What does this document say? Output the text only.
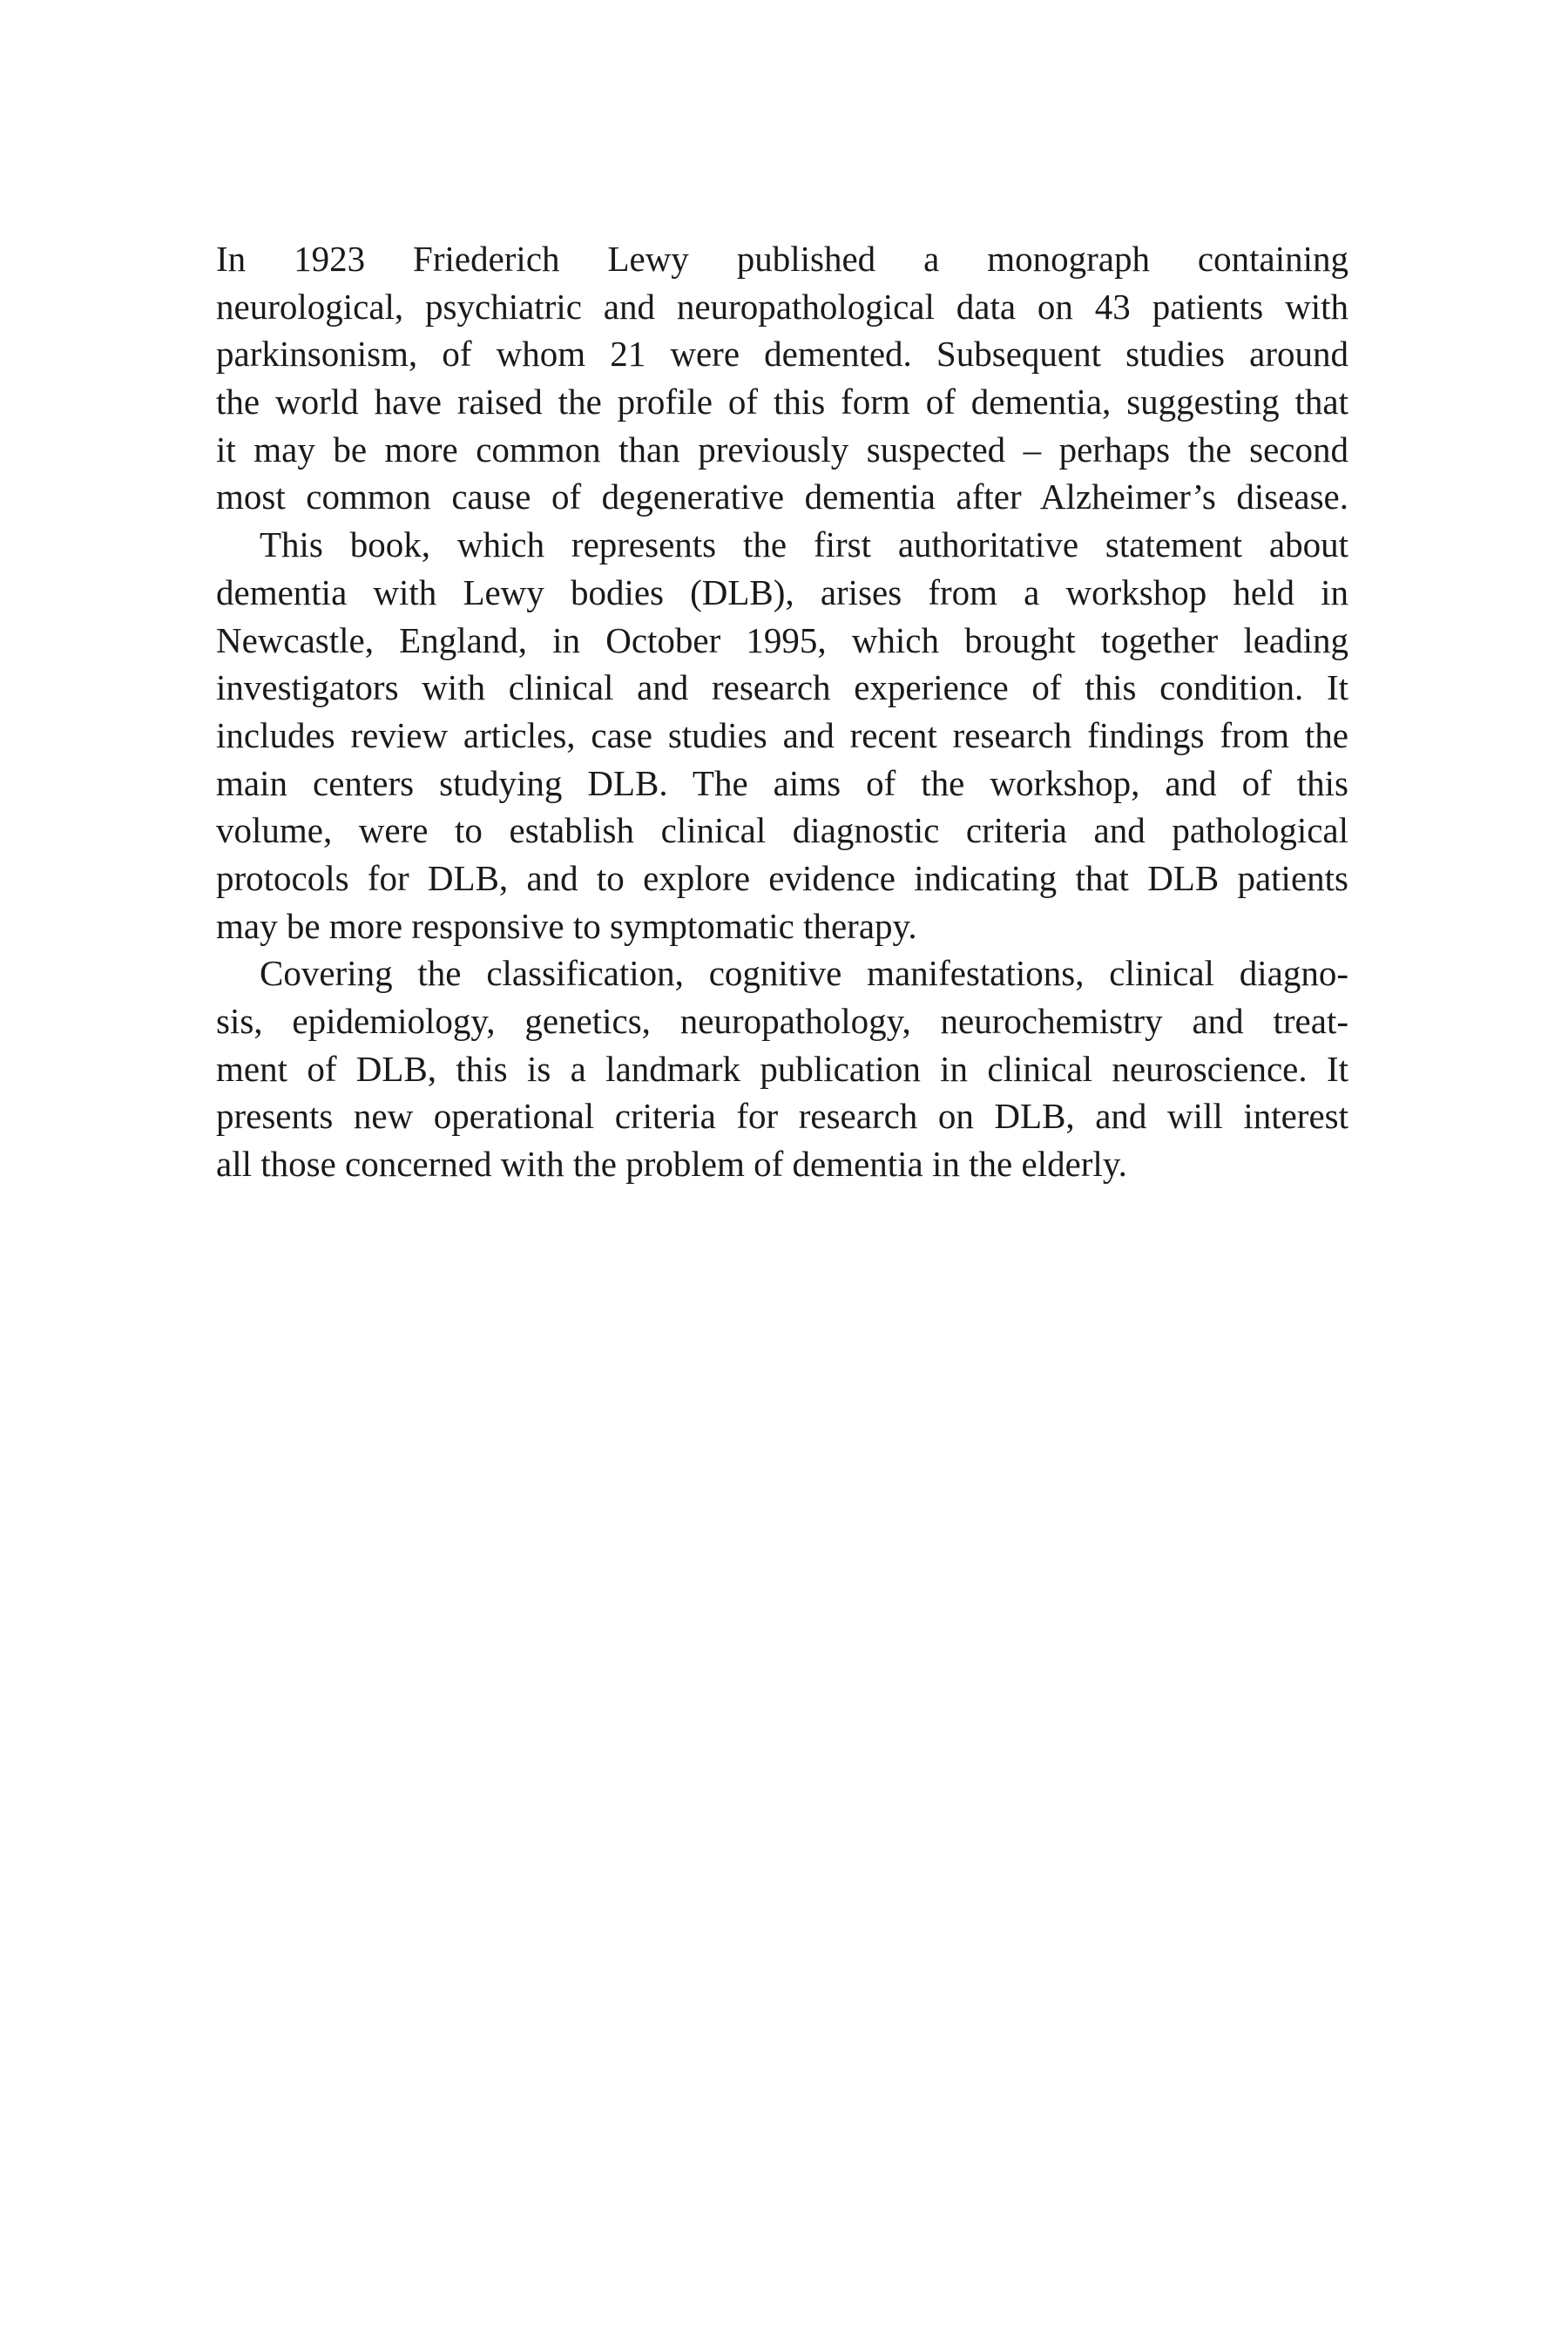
In 1923 Friederich Lewy published a monograph containing
neurological, psychiatric and neuropathological data on 43 patients with
parkinsonism, of whom 21 were demented. Subsequent studies around
the world have raised the profile of this form of dementia, suggesting that
it may be more common than previously suspected – perhaps the second
most common cause of degenerative dementia after Alzheimer’s disease.
This book, which represents the first authoritative statement about
dementia with Lewy bodies (DLB), arises from a workshop held in
Newcastle, England, in October 1995, which brought together leading
investigators with clinical and research experience of this condition. It
includes review articles, case studies and recent research findings from the
main centers studying DLB. The aims of the workshop, and of this
volume, were to establish clinical diagnostic criteria and pathological
protocols for DLB, and to explore evidence indicating that DLB patients
may be more responsive to symptomatic therapy.
Covering the classification, cognitive manifestations, clinical diagno-
sis, epidemiology, genetics, neuropathology, neurochemistry and treat-
ment of DLB, this is a landmark publication in clinical neuroscience. It
presents new operational criteria for research on DLB, and will interest
all those concerned with the problem of dementia in the elderly.
